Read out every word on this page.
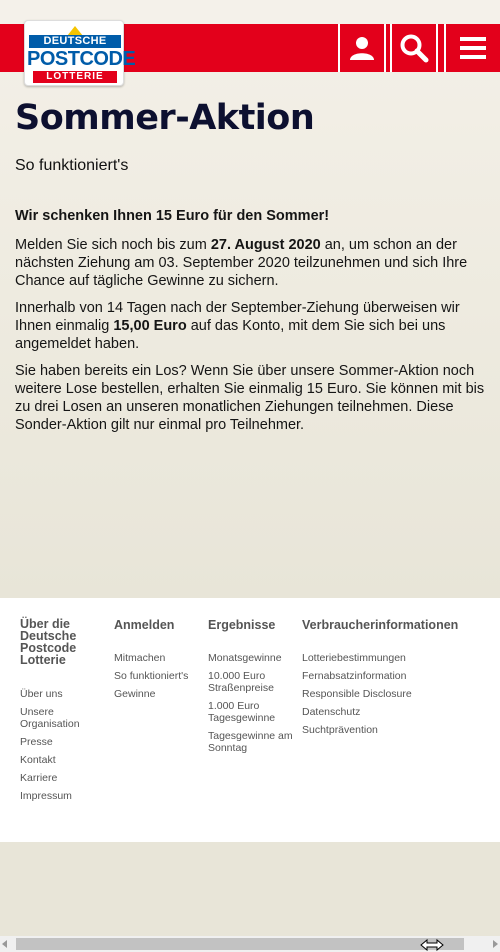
DEUTSCHE
POSTCODE
LOTTERIE
Sommer-Aktion
So funktioniert's

Wir schenken Ihnen 15 Euro für den Sommer!

Melden Sie sich noch bis zum 27. August 2020 an, um schon an der nächsten Ziehung am 03. September 2020 teilzunehmen und sich Ihre Chance auf tägliche Gewinne zu sichern.

Innerhalb von 14 Tagen nach der September-Ziehung überweisen wir Ihnen einmalig 15,00 Euro auf das Konto, mit dem Sie sich bei uns angemeldet haben.

Sie haben bereits ein Los? Wenn Sie über unsere Sommer-Aktion noch weitere Lose bestellen, erhalten Sie einmalig 15 Euro. Sie können mit bis zu drei Losen an unseren monatlichen Ziehungen teilnehmen. Diese Sonder-Aktion gilt nur einmal pro Teilnehmer.

Über die Deutsche Postcode Lotterie
Über uns
Unsere Organisation
Presse
Kontakt
Karriere
Impressum
Anmelden
Mitmachen
So funktioniert's
Gewinne
Ergebnisse
Monatsgewinne
10.000 Euro Straßenpreise
1.000 Euro Tagesgewinne
Tagesgewinne am Sonntag
Verbraucherinformationen
Lotteriebestimmungen
Fernabsatzinformation
Responsible Disclosure
Datenschutz
Suchtprävention
